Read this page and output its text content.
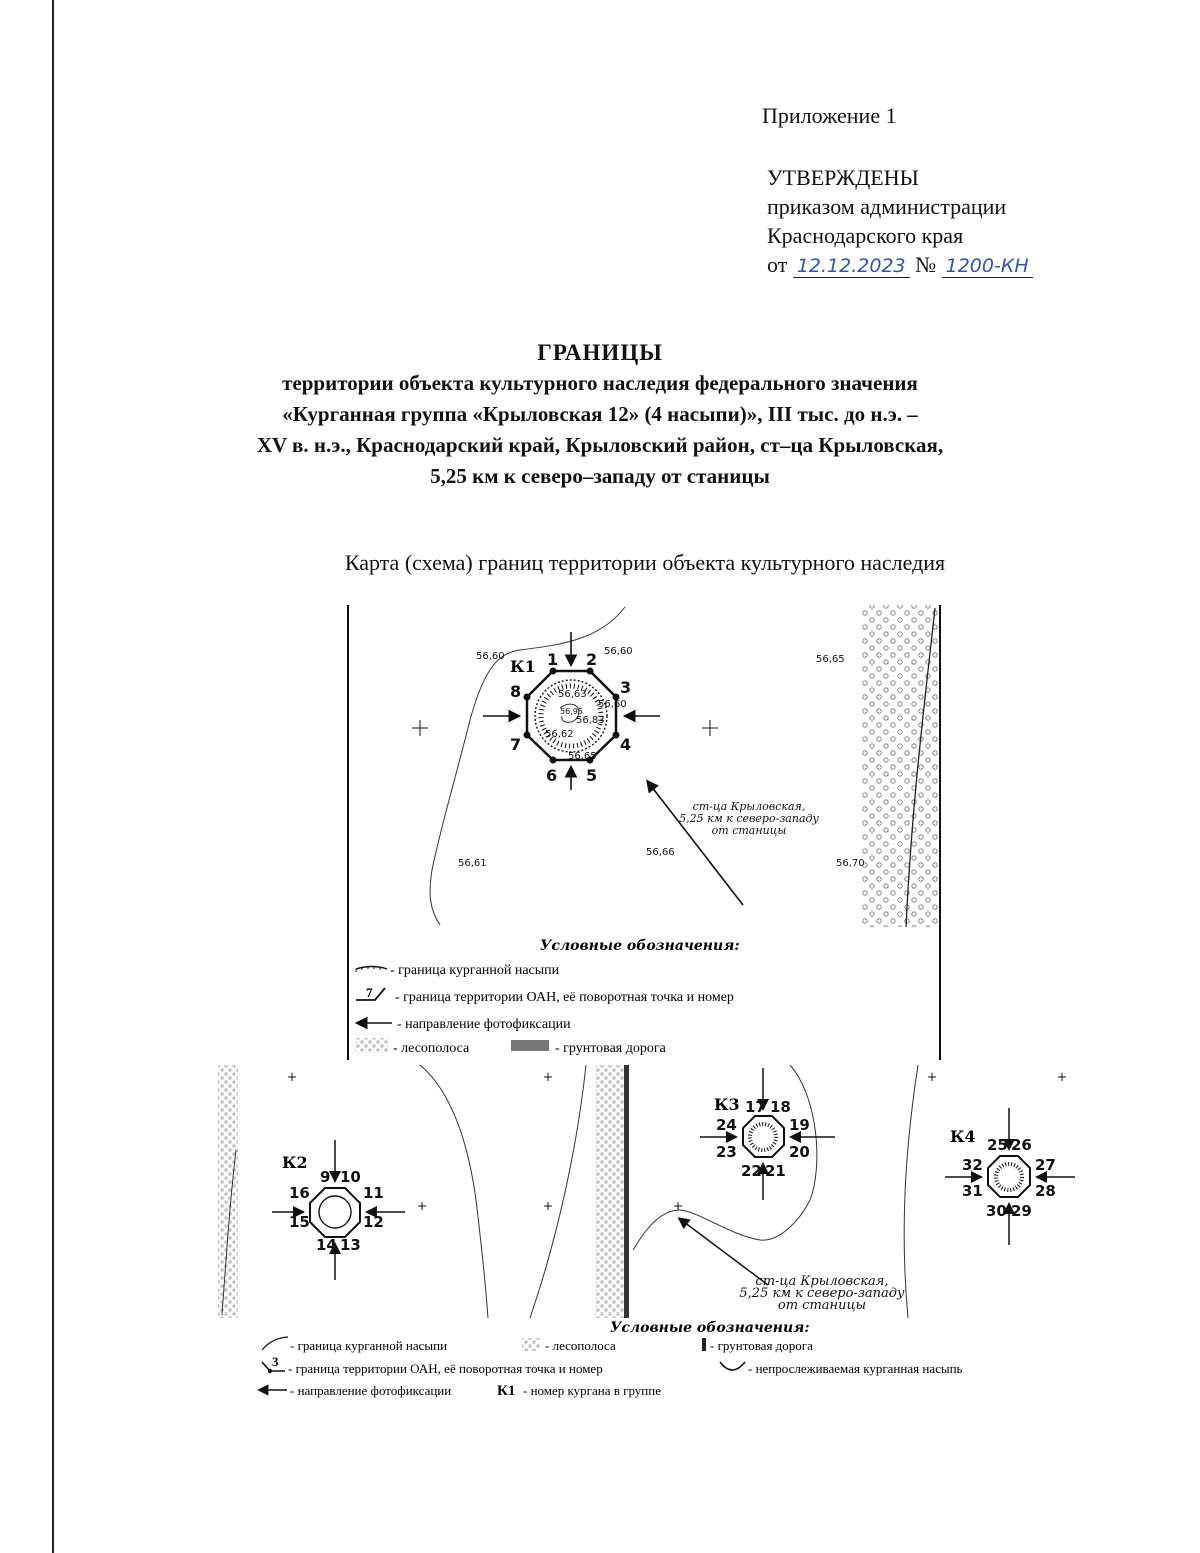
Приложение 1
УТВЕРЖДЕНЫ
приказом администрации
Краснодарского края
от 12.12.2023 № 1200-КН
ГРАНИЦЫ
территории объекта культурного наследия федерального значения
«Курганная группа «Крыловская 12» (4 насыпи)», III тыс. до н.э. –
XV в. н.э., Краснодарский край, Крыловский район, ст–ца Крыловская,
5,25 км к северо–западу от станицы
Карта (схема) границ территории объекта культурного наследия
1 2
3
4
5
6
7
8
К1
56,60	56,60
56,65
56,63
56,83
56,60
56,62
56,65
56,95
56,61
56,66
56,70
ст-ца Крыловская,
5,25 км к северо-западу
от станицы
Условные обозначения:
- граница курганной насыпи
7 - граница территории ОАН, её поворотная точка и номер
- направление фотофиксации
- лесополоса	- грунтовая дорога
К2
9 10
11
12
13
14
15
16
К3 17 18
19
20
21
22
23
24
К4 25 26
27
28
29
30
31
32
ст-ца Крыловская,
5,25 км к северо-западу
от станицы
Условные обозначения:
- граница курганной насыпи	- лесополоса	- грунтовая дорога
3 - граница территории ОАН, её поворотная точка и номер	- непрослеживаемая курганная насыпь
- направление фотофиксации	К1 - номер кургана в группе
